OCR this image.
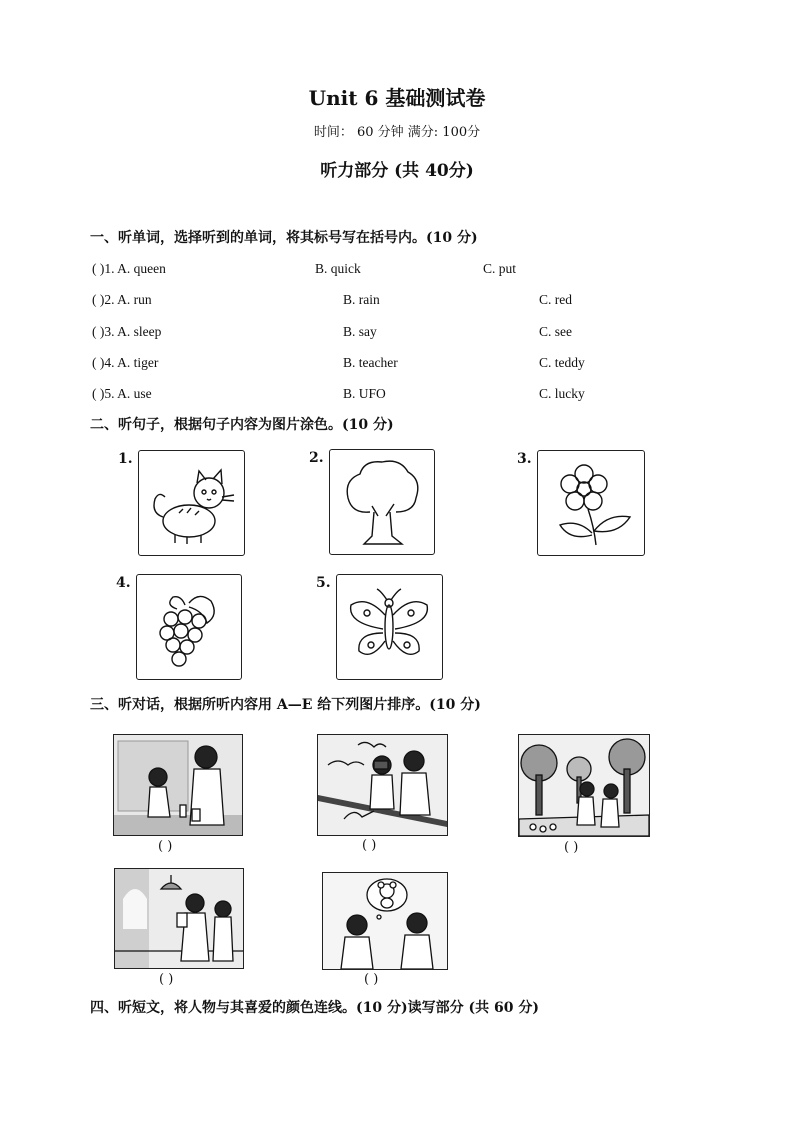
Unit 6 基础测试卷
时间： 60 分钟 满分: 100分
听力部分 (共 40分)
一、听单词，选择听到的单词，将其标号写在括号内。(10 分)
( )1. A. queen	B. quick	C. put
( )2. A. run	B. rain	C. red
( )3. A. sleep	B. say	C. see
( )4. A. tiger	B. teacher	C. teddy
( )5. A. use	B. UFO	C. lucky
二、听句子，根据句子内容为图片涂色。(10 分)
1.	2.	3.
4.	5.
三、听对话，根据所听内容用 A—E 给下列图片排序。(10 分)
( )	( )	( )
( )	( )
四、听短文，将人物与其喜爱的颜色连线。(10 分)读写部分 (共 60 分)
